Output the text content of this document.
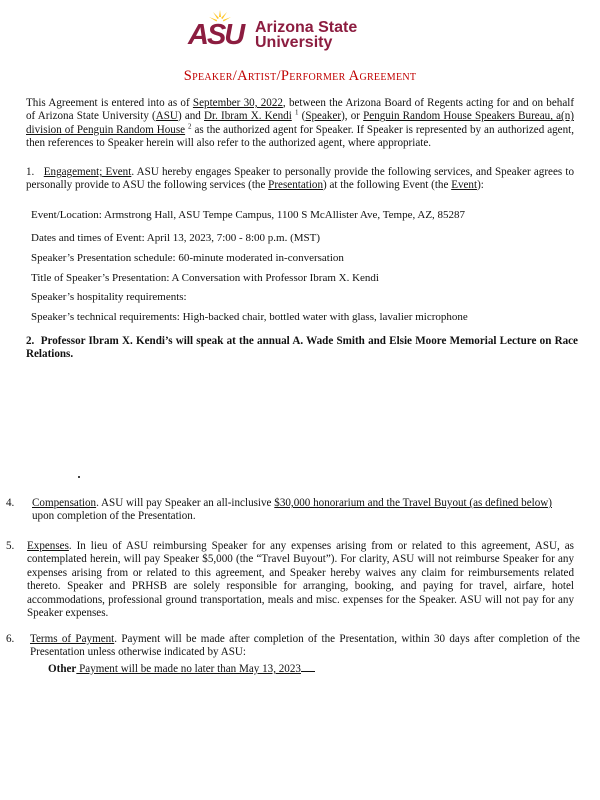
ASU Arizona State
University
Speaker/Artist/Performer Agreement
This Agreement is entered into as of September 30, 2022, between the Arizona Board of Regents acting for and on behalf of Arizona State University (ASU) and Dr. Ibram X. Kendi $^1$ (Speaker), or Penguin Random House Speakers Bureau, a(n) division of Penguin Random House $^2$ as the authorized agent for Speaker. If Speaker is represented by an authorized agent, then references to Speaker herein will also refer to the authorized agent, where appropriate.
1. Engagement; Event. ASU hereby engages Speaker to personally provide the following services, and Speaker agrees to personally provide to ASU the following services (the Presentation) at the following Event (the Event):
Event/Location: Armstrong Hall, ASU Tempe Campus, 1100 S McAllister Ave, Tempe, AZ, 85287
Dates and times of Event: April 13, 2023, 7:00 - 8:00 p.m. (MST)
Speaker’s Presentation schedule: 60-minute moderated in-conversation
Title of Speaker’s Presentation: A Conversation with Professor Ibram X. Kendi
Speaker’s hospitality requirements:
Speaker’s technical requirements: High-backed chair, bottled water with glass, lavalier microphone
2. Professor Ibram X. Kendi’s will speak at the annual A. Wade Smith and Elsie Moore Memorial Lecture on Race Relations.
4. Compensation. ASU will pay Speaker an all-inclusive $30,000 honorarium and the Travel Buyout (as defined below) upon completion of the Presentation.
5. Expenses. In lieu of ASU reimbursing Speaker for any expenses arising from or related to this agreement, ASU, as contemplated herein, will pay Speaker $5,000 (the “Travel Buyout”). For clarity, ASU will not reimburse Speaker for any expenses arising from or related to this agreement, and Speaker hereby waives any claim for reimbursements related thereto. Speaker and PRHSB are solely responsible for arranging, booking, and paying for travel, airfare, hotel accommodations, professional ground transportation, meals and misc. expenses for the Speaker. ASU will not pay for any Speaker expenses.
6. Terms of Payment. Payment will be made after completion of the Presentation, within 30 days after completion of the Presentation unless otherwise indicated by ASU:
Other Payment will be made no later than May 13, 2023
